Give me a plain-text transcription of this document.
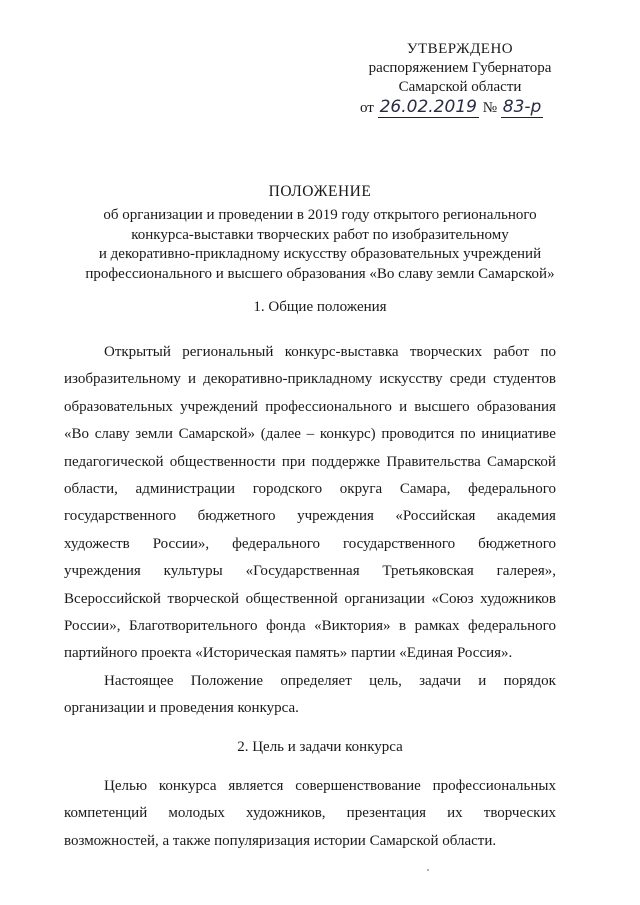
УТВЕРЖДЕНО
распоряжением Губернатора
Самарской области
от 26.02.2019 № 83-р
ПОЛОЖЕНИЕ
об организации и проведении в 2019 году открытого регионального
конкурса-выставки творческих работ по изобразительному
и декоративно-прикладному искусству образовательных учреждений
профессионального и высшего образования «Во славу земли Самарской»
1. Общие положения
Открытый региональный конкурс-выставка творческих работ по
изобразительному и декоративно-прикладному искусству среди студентов
образовательных учреждений профессионального и высшего образования
«Во славу земли Самарской» (далее – конкурс) проводится по инициативе
педагогической общественности при поддержке Правительства Самарской
области, администрации городского округа Самара, федерального
государственного бюджетного учреждения «Российская академия
художеств России», федерального государственного бюджетного
учреждения культуры «Государственная Третьяковская галерея»,
Всероссийской творческой общественной организации «Союз художников
России», Благотворительного фонда «Виктория» в рамках федерального
партийного проекта «Историческая память» партии «Единая Россия».
Настоящее Положение определяет цель, задачи и порядок
организации и проведения конкурса.
2. Цель и задачи конкурса
Целью конкурса является совершенствование профессиональных
компетенций молодых художников, презентация их творческих
возможностей, а также популяризация истории Самарской области.
